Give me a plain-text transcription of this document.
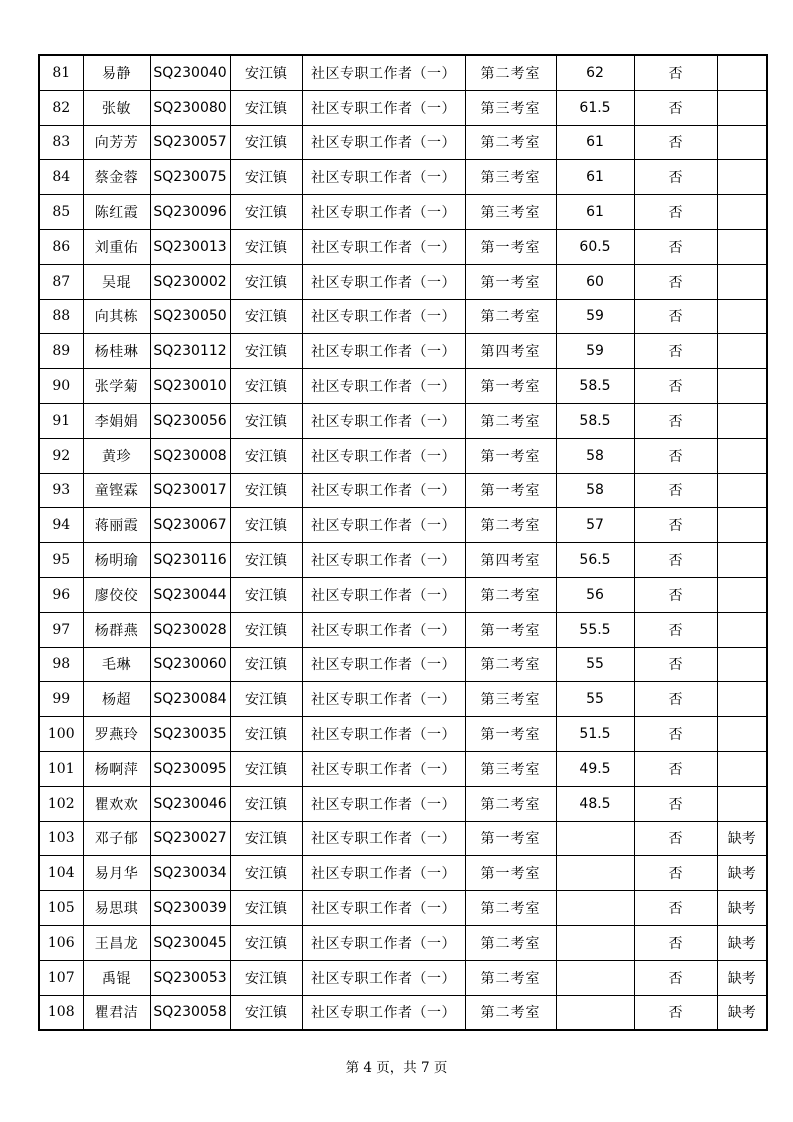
81	易静	SQ230040	安江镇	社区专职工作者（一）	第二考室	62	否	
82	张敏	SQ230080	安江镇	社区专职工作者（一）	第三考室	61.5	否	
83	向芳芳	SQ230057	安江镇	社区专职工作者（一）	第二考室	61	否	
84	蔡金蓉	SQ230075	安江镇	社区专职工作者（一）	第三考室	61	否	
85	陈红霞	SQ230096	安江镇	社区专职工作者（一）	第三考室	61	否	
86	刘重佑	SQ230013	安江镇	社区专职工作者（一）	第一考室	60.5	否	
87	吴琨	SQ230002	安江镇	社区专职工作者（一）	第一考室	60	否	
88	向其栋	SQ230050	安江镇	社区专职工作者（一）	第二考室	59	否	
89	杨桂琳	SQ230112	安江镇	社区专职工作者（一）	第四考室	59	否	
90	张学菊	SQ230010	安江镇	社区专职工作者（一）	第一考室	58.5	否	
91	李娟娟	SQ230056	安江镇	社区专职工作者（一）	第二考室	58.5	否	
92	黄珍	SQ230008	安江镇	社区专职工作者（一）	第一考室	58	否	
93	童铿霖	SQ230017	安江镇	社区专职工作者（一）	第一考室	58	否	
94	蒋丽霞	SQ230067	安江镇	社区专职工作者（一）	第二考室	57	否	
95	杨明瑜	SQ230116	安江镇	社区专职工作者（一）	第四考室	56.5	否	
96	廖佼佼	SQ230044	安江镇	社区专职工作者（一）	第二考室	56	否	
97	杨群燕	SQ230028	安江镇	社区专职工作者（一）	第一考室	55.5	否	
98	毛琳	SQ230060	安江镇	社区专职工作者（一）	第二考室	55	否	
99	杨超	SQ230084	安江镇	社区专职工作者（一）	第三考室	55	否	
100	罗燕玲	SQ230035	安江镇	社区专职工作者（一）	第一考室	51.5	否	
101	杨啊萍	SQ230095	安江镇	社区专职工作者（一）	第三考室	49.5	否	
102	瞿欢欢	SQ230046	安江镇	社区专职工作者（一）	第二考室	48.5	否	
103	邓子郁	SQ230027	安江镇	社区专职工作者（一）	第一考室		否	缺考
104	易月华	SQ230034	安江镇	社区专职工作者（一）	第一考室		否	缺考
105	易思琪	SQ230039	安江镇	社区专职工作者（一）	第二考室		否	缺考
106	王昌龙	SQ230045	安江镇	社区专职工作者（一）	第二考室		否	缺考
107	禹锟	SQ230053	安江镇	社区专职工作者（一）	第二考室		否	缺考
108	瞿君洁	SQ230058	安江镇	社区专职工作者（一）	第二考室		否	缺考
第 4 页，共 7 页
